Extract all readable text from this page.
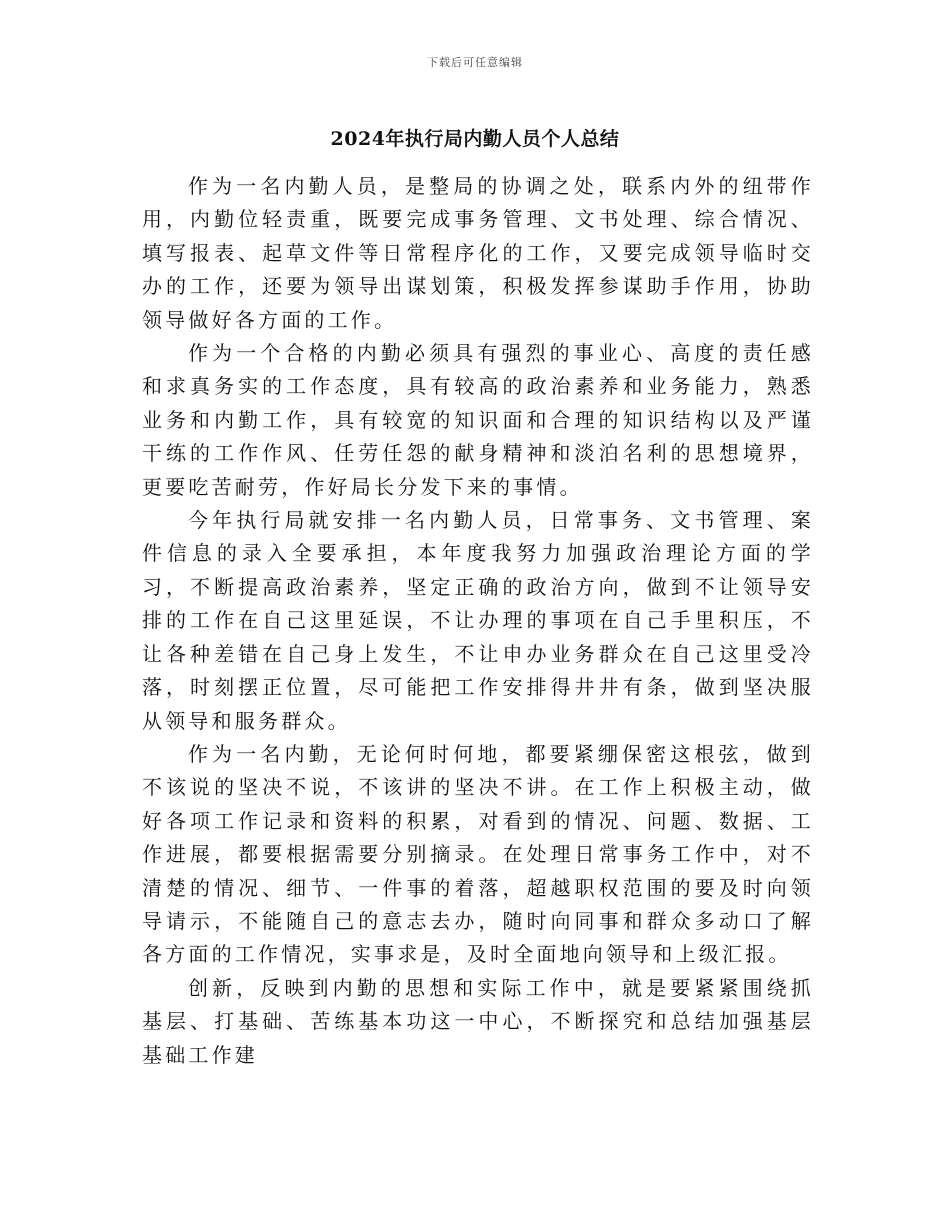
下载后可任意编辑
2024年执行局内勤人员个人总结

作为一名内勤人员，是整局的协调之处，联系内外的纽带作用，内勤位轻责重，既要完成事务管理、文书处理、综合情况、填写报表、起草文件等日常程序化的工作，又要完成领导临时交办的工作，还要为领导出谋划策，积极发挥参谋助手作用，协助领导做好各方面的工作。

作为一个合格的内勤必须具有强烈的事业心、高度的责任感和求真务实的工作态度，具有较高的政治素养和业务能力，熟悉业务和内勤工作，具有较宽的知识面和合理的知识结构以及严谨干练的工作作风、任劳任怨的献身精神和淡泊名利的思想境界，更要吃苦耐劳，作好局长分发下来的事情。

今年执行局就安排一名内勤人员，日常事务、文书管理、案件信息的录入全要承担，本年度我努力加强政治理论方面的学习，不断提高政治素养，坚定正确的政治方向，做到不让领导安排的工作在自己这里延误，不让办理的事项在自己手里积压，不让各种差错在自己身上发生，不让申办业务群众在自己这里受冷落，时刻摆正位置，尽可能把工作安排得井井有条，做到坚决服从领导和服务群众。

作为一名内勤，无论何时何地，都要紧绷保密这根弦，做到不该说的坚决不说，不该讲的坚决不讲。在工作上积极主动，做好各项工作记录和资料的积累，对看到的情况、问题、数据、工作进展，都要根据需要分别摘录。在处理日常事务工作中，对不清楚的情况、细节、一件事的着落，超越职权范围的要及时向领导请示，不能随自己的意志去办，随时向同事和群众多动口了解各方面的工作情况，实事求是，及时全面地向领导和上级汇报。

创新，反映到内勤的思想和实际工作中，就是要紧紧围绕抓基层、打基础、苦练基本功这一中心，不断探究和总结加强基层基础工作建
